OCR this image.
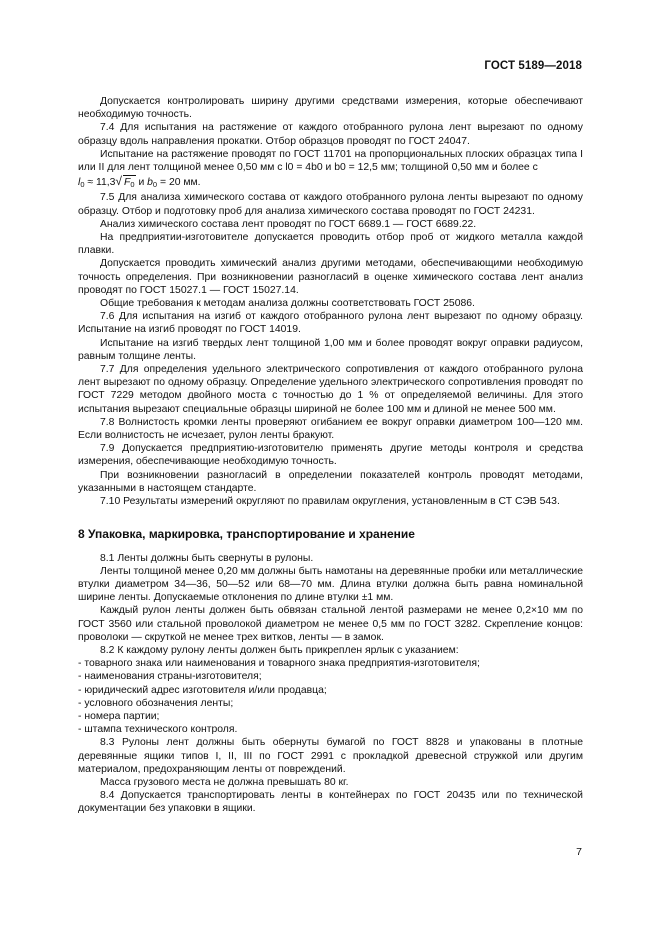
ГОСТ 5189—2018

Допускается контролировать ширину другими средствами измерения, которые обеспечивают необходимую точность.

7.4 Для испытания на растяжение от каждого отобранного рулона лент вырезают по одному образцу вдоль направления прокатки. Отбор образцов проводят по ГОСТ 24047.

Испытание на растяжение проводят по ГОСТ 11701 на пропорциональных плоских образцах типа I или II для лент толщиной менее 0,50 мм с l0 = 4b0 и b0 = 12,5 мм; толщиной 0,50 мм и более с

$l_0 \approx 11,3√$ $F_0$ и $b_0 = 20$ мм.

7.5 Для анализа химического состава от каждого отобранного рулона ленты вырезают по одному образцу. Отбор и подготовку проб для анализа химического состава проводят по ГОСТ 24231.

Анализ химического состава лент проводят по ГОСТ 6689.1 — ГОСТ 6689.22.

На предприятии-изготовителе допускается проводить отбор проб от жидкого металла каждой плавки.

Допускается проводить химический анализ другими методами, обеспечивающими необходимую точность определения. При возникновении разногласий в оценке химического состава лент анализ проводят по ГОСТ 15027.1 — ГОСТ 15027.14.

Общие требования к методам анализа должны соответствовать ГОСТ 25086.

7.6 Для испытания на изгиб от каждого отобранного рулона лент вырезают по одному образцу. Испытание на изгиб проводят по ГОСТ 14019.

Испытание на изгиб твердых лент толщиной 1,00 мм и более проводят вокруг оправки радиусом, равным толщине ленты.

7.7 Для определения удельного электрического сопротивления от каждого отобранного рулона лент вырезают по одному образцу. Определение удельного электрического сопротивления проводят по ГОСТ 7229 методом двойного моста с точностью до 1 % от определяемой величины. Для этого испытания вырезают специальные образцы шириной не более 100 мм и длиной не менее 500 мм.

7.8 Волнистость кромки ленты проверяют огибанием ее вокруг оправки диаметром 100—120 мм. Если волнистость не исчезает, рулон ленты бракуют.

7.9 Допускается предприятию-изготовителю применять другие методы контроля и средства измерения, обеспечивающие необходимую точность.

При возникновении разногласий в определении показателей контроль проводят методами, указанными в настоящем стандарте.

7.10 Результаты измерений округляют по правилам округления, установленным в СТ СЭВ 543.

8 Упаковка, маркировка, транспортирование и хранение

8.1 Ленты должны быть свернуты в рулоны.

Ленты толщиной менее 0,20 мм должны быть намотаны на деревянные пробки или металлические втулки диаметром 34—36, 50—52 или 68—70 мм. Длина втулки должна быть равна номинальной ширине ленты. Допускаемые отклонения по длине втулки ±1 мм.

Каждый рулон ленты должен быть обвязан стальной лентой размерами не менее 0,2×10 мм по ГОСТ 3560 или стальной проволокой диаметром не менее 0,5 мм по ГОСТ 3282. Скрепление концов: проволоки — скруткой не менее трех витков, ленты — в замок.

8.2 К каждому рулону ленты должен быть прикреплен ярлык с указанием:

- товарного знака или наименования и товарного знака предприятия-изготовителя;

- наименования страны-изготовителя;

- юридический адрес изготовителя и/или продавца;

- условного обозначения ленты;

- номера партии;

- штампа технического контроля.

8.3 Рулоны лент должны быть обернуты бумагой по ГОСТ 8828 и упакованы в плотные деревянные ящики типов I, II, III по ГОСТ 2991 с прокладкой древесной стружкой или другим материалом, предохраняющим ленты от повреждений.

Масса грузового места не должна превышать 80 кг.

8.4 Допускается транспортировать ленты в контейнерах по ГОСТ 20435 или по технической документации без упаковки в ящики.

7
